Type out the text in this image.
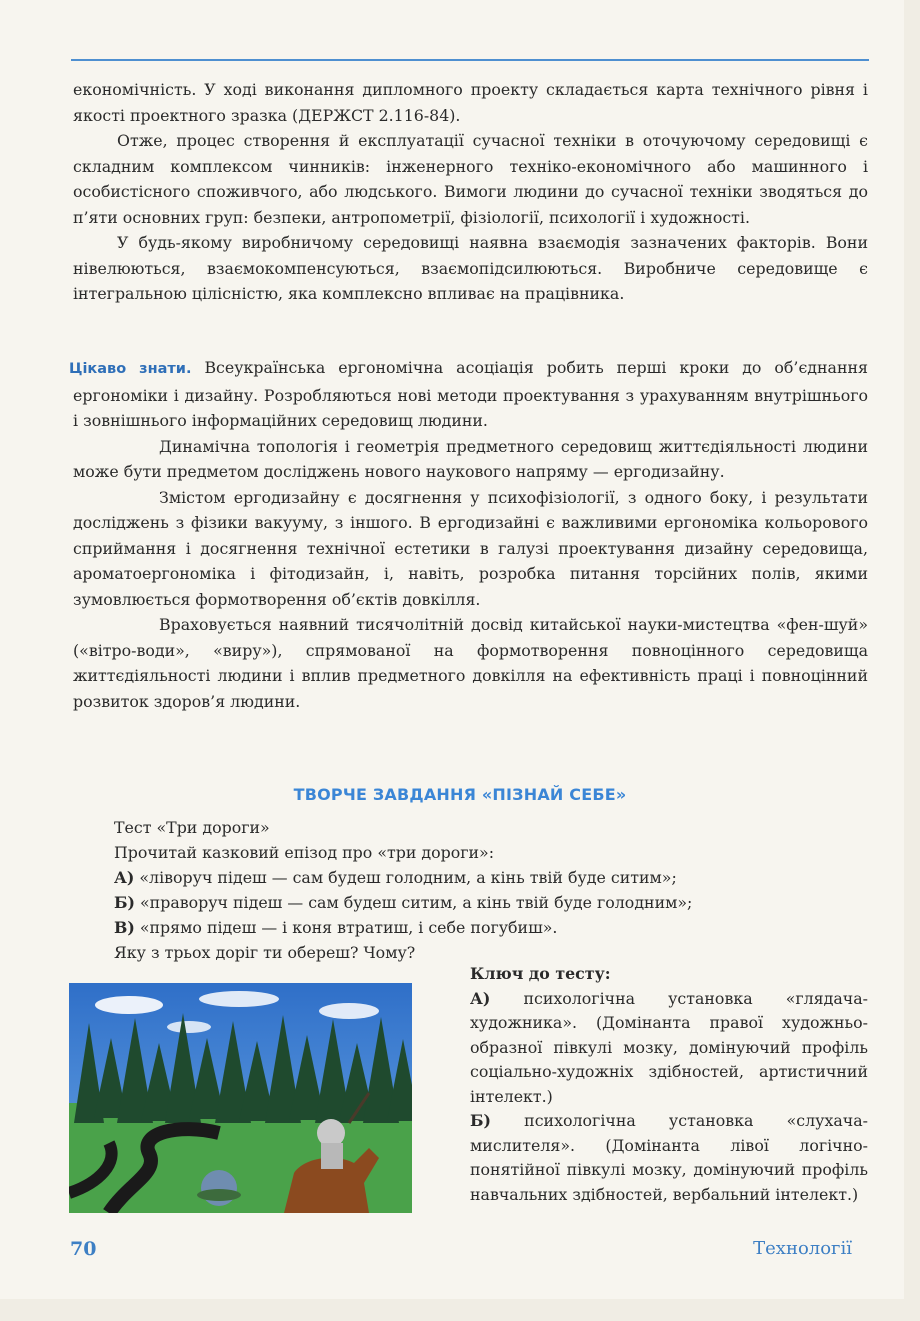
економічність. У ході виконання дипломного проекту складається карта технічного рівня і якості проектного зразка (ДЕРЖСТ 2.116-84).

Отже, процес створення й експлуатації сучасної техніки в оточуючому середовищі є складним комплексом чинників: інженерного техніко-економічного або машинного і особистісного споживчого, або людського. Вимоги людини до сучасної техніки зводяться до п’яти основних груп: безпеки, антропометрії, фізіології, психології і художності.

У будь-якому виробничому середовищі наявна взаємодія зазначених факторів. Вони нівелюються, взаємокомпенсуються, взаємопідсилюються. Виробниче середовище є інтегральною цілісністю, яка комплексно впливає на працівника.

Цікаво знати. Всеукраїнська ергономічна асоціація робить перші кроки до об’єднання ергономіки і дизайну. Розробляються нові методи проектування з урахуванням внутрішнього і зовнішнього інформаційних середовищ людини.

Динамічна топологія і геометрія предметного середовищ життєдіяльності людини може бути предметом досліджень нового наукового напряму — ергодизайну.

Змістом ергодизайну є досягнення у психофізіології, з одного боку, і результати досліджень з фізики вакууму, з іншого. В ергодизайні є важливими ергономіка кольорового сприймання і досягнення технічної естетики в галузі проектування дизайну середовища, ароматоергономіка і фітодизайн, і, навіть, розробка питання торсійних полів, якими зумовлюється формотворення об’єктів довкілля.

Враховується наявний тисячолітній досвід китайської науки-мистецтва «фен-шуй» («вітро-води», «виру»), спрямованої на формотворення повноцінного середовища життєдіяльності людини і вплив предметного довкілля на ефективність праці і повноцінний розвиток здоров’я людини.

ТВОРЧЕ ЗАВДАННЯ «ПІЗНАЙ СЕБЕ»
Тест «Три дороги»
Прочитай казковий епізод про «три дороги»:
А) «ліворуч підеш — сам будеш голодним, а кінь твій буде ситим»;
Б) «праворуч підеш — сам будеш ситим, а кінь твій буде голодним»;
В) «прямо підеш — і коня втратиш, і себе погубиш».
Яку з трьох доріг ти обереш? Чому?

Ключ до тесту:

А) психологічна установка «глядача-художника». (Домінанта правої художньо-образної півкулі мозку, домінуючий профіль соціально-художніх здібностей, артистичний інтелект.)

Б) психологічна установка «слухача-мислителя». (Домінанта лівої логічно-понятійної півкулі мозку, домінуючий профіль навчальних здібностей, вербальний інтелект.)

70	Технології
